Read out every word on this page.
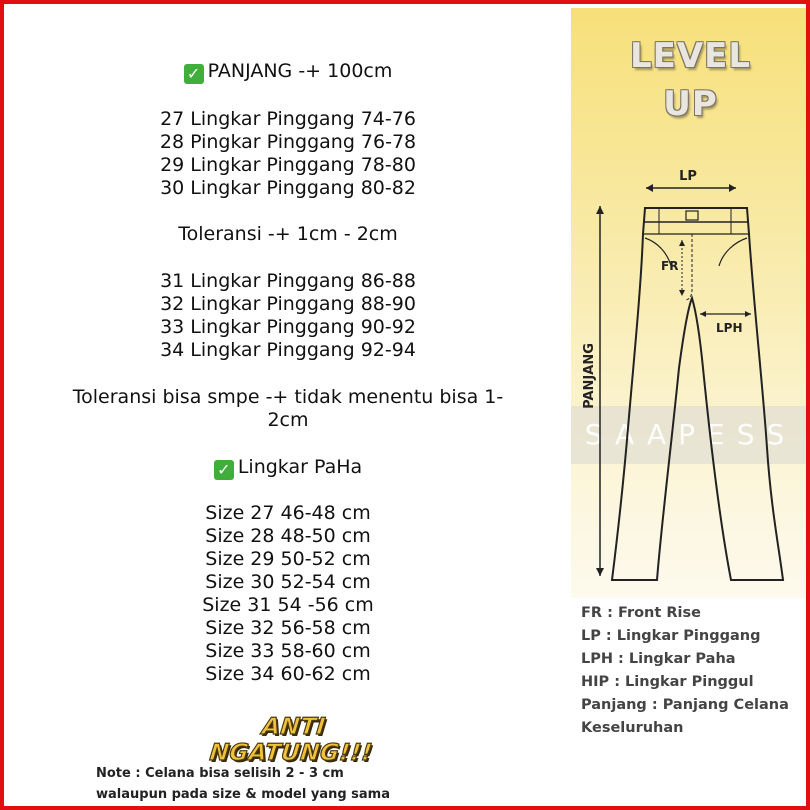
✓ PANJANG -+ 100cm
27 Lingkar Pinggang 74-76
28 Pingkar Pinggang 76-78
29 Lingkar Pinggang 78-80
30 Lingkar Pinggang 80-82
Toleransi -+ 1cm - 2cm
31 Lingkar Pinggang 86-88
32 Lingkar Pinggang 88-90
33 Lingkar Pinggang 90-92
34 Lingkar Pinggang 92-94
Toleransi bisa smpe -+ tidak menentu bisa 1-
2cm
✓ Lingkar PaHa
Size 27 46-48 cm
Size 28 48-50 cm
Size 29 50-52 cm
Size 30 52-54 cm
Size 31 54 -56 cm
Size 32 56-58 cm
Size 33 58-60 cm
Size 34 60-62 cm
ANTI NGATUNG!!!
Note : Celana bisa selisih 2 - 3 cm
walaupun pada size & model yang sama
LEVEL
UP
SAAPESS
LP
PANJANG
FR
LPH
FR : Front Rise
LP : Lingkar Pinggang
LPH : Lingkar Paha
HIP : Lingkar Pinggul
Panjang : Panjang Celana
Keseluruhan
